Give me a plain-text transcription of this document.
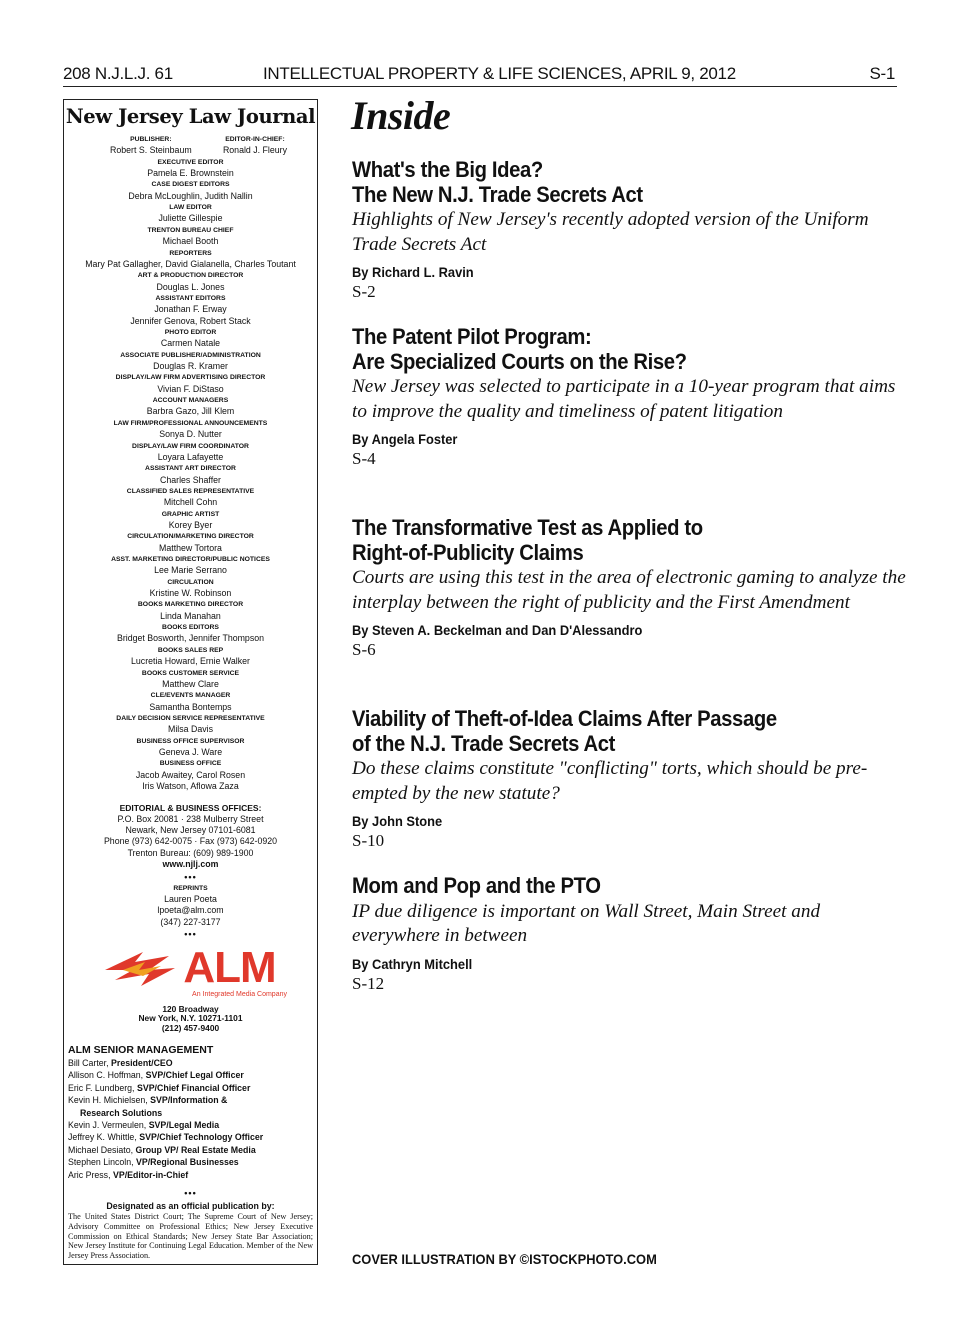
208 N.J.L.J. 61	INTELLECTUAL PROPERTY & LIFE SCIENCES, APRIL 9, 2012	S-1
New Jersey Law Journal
PUBLISHER:
Robert S. Steinbaum
EDITOR-IN-CHIEF:
Ronald J. Fleury
EXECUTIVE EDITOR
Pamela E. Brownstein
CASE DIGEST EDITORS
Debra McLoughlin, Judith Nallin
LAW EDITOR
Juliette Gillespie
TRENTON BUREAU CHIEF
Michael Booth
REPORTERS
Mary Pat Gallagher, David Gialanella, Charles Toutant
ART & PRODUCTION DIRECTOR
Douglas L. Jones
ASSISTANT EDITORS
Jonathan F. Erway
Jennifer Genova, Robert Stack
PHOTO EDITOR
Carmen Natale
ASSOCIATE PUBLISHER/ADMINISTRATION
Douglas R. Kramer
DISPLAY/LAW FIRM ADVERTISING DIRECTOR
Vivian F. DiStaso
ACCOUNT MANAGERS
Barbra Gazo, Jill Klem
LAW FIRM/PROFESSIONAL ANNOUNCEMENTS
Sonya D. Nutter
DISPLAY/LAW FIRM COORDINATOR
Loyara Lafayette
ASSISTANT ART DIRECTOR
Charles Shaffer
CLASSIFIED SALES REPRESENTATIVE
Mitchell Cohn
GRAPHIC ARTIST
Korey Byer
CIRCULATION/MARKETING DIRECTOR
Matthew Tortora
ASST. MARKETING DIRECTOR/PUBLIC NOTICES
Lee Marie Serrano
CIRCULATION
Kristine W. Robinson
BOOKS MARKETING DIRECTOR
Linda Manahan
BOOKS EDITORS
Bridget Bosworth, Jennifer Thompson
BOOKS SALES REP
Lucretia Howard, Ernie Walker
BOOKS CUSTOMER SERVICE
Matthew Clare
CLE/EVENTS MANAGER
Samantha Bontemps
DAILY DECISION SERVICE REPRESENTATIVE
Milsa Davis
BUSINESS OFFICE SUPERVISOR
Geneva J. Ware
BUSINESS OFFICE
Jacob Awaitey, Carol Rosen
Iris Watson, Aflowa Zaza
EDITORIAL & BUSINESS OFFICES:
P.O. Box 20081 · 238 Mulberry Street
Newark, New Jersey 07101-6081
Phone (973) 642-0075 · Fax (973) 642-0920
Trenton Bureau: (609) 989-1900
www.njlj.com
•••
REPRINTS
Lauren Poeta
lpoeta@alm.com
(347) 227-3177
•••
ALM
An Integrated Media Company
120 Broadway
New York, N.Y. 10271-1101
(212) 457-9400
ALM SENIOR MANAGEMENT
Bill Carter, President/CEO
Allison C. Hoffman, SVP/Chief Legal Officer
Eric F. Lundberg, SVP/Chief Financial Officer
Kevin H. Michielsen, SVP/Information &
Research Solutions
Kevin J. Vermeulen, SVP/Legal Media
Jeffrey K. Whittle, SVP/Chief Technology Officer
Michael Desiato, Group VP/ Real Estate Media
Stephen Lincoln, VP/Regional Businesses
Aric Press, VP/Editor-in-Chief
•••
Designated as an official publication by:
The United States District Court; The Supreme Court of New Jersey; Advisory Committee on Professional Ethics; New Jersey Executive Commission on Ethical Standards; New Jersey State Bar Association; New Jersey Institute for Continuing Legal Education. Member of the New Jersey Press Association.
Inside
What's the Big Idea?
The New N.J. Trade Secrets Act
Highlights of New Jersey's recently adopted version of the Uniform Trade Secrets Act
By Richard L. Ravin
S-2
The Patent Pilot Program:
Are Specialized Courts on the Rise?
New Jersey was selected to participate in a 10-year program that aims to improve the quality and timeliness of patent litigation
By Angela Foster
S-4
The Transformative Test as Applied to
Right-of-Publicity Claims
Courts are using this test in the area of electronic gaming to analyze the interplay between the right of publicity and the First Amendment
By Steven A. Beckelman and Dan D'Alessandro
S-6
Viability of Theft-of-Idea Claims After Passage
of the N.J. Trade Secrets Act
Do these claims constitute "conflicting" torts, which should be pre-empted by the new statute?
By John Stone
S-10
Mom and Pop and the PTO
IP due diligence is important on Wall Street, Main Street and everywhere in between
By Cathryn Mitchell
S-12
COVER ILLUSTRATION BY ©ISTOCKPHOTO.COM
